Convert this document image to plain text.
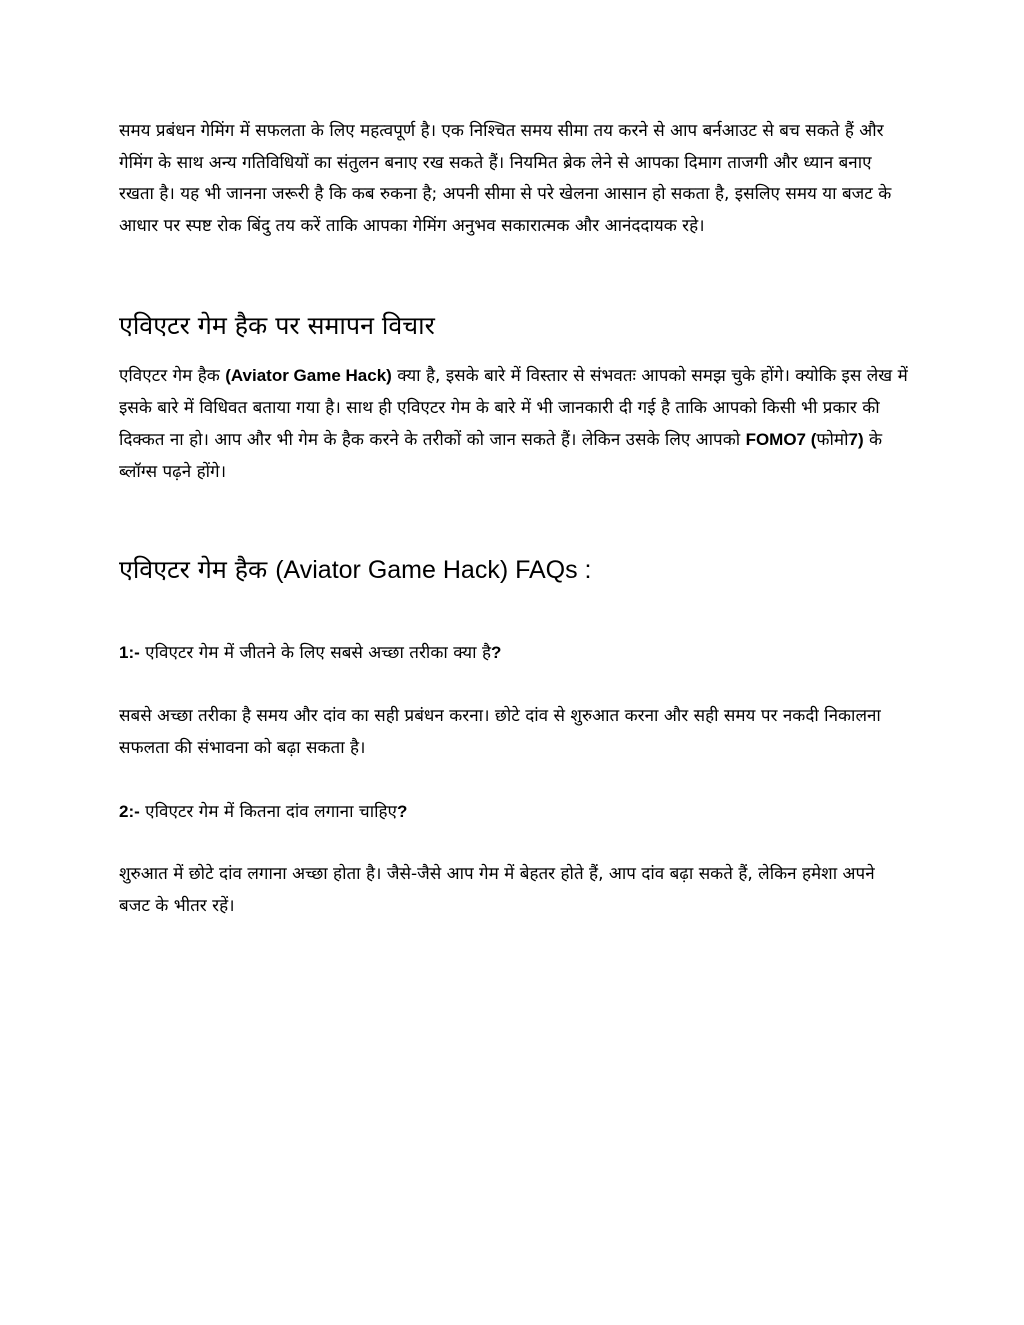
समय प्रबंधन गेमिंग में सफलता के लिए महत्वपूर्ण है। एक निश्चित समय सीमा तय करने से आप बर्नआउट से बच सकते हैं और गेमिंग के साथ अन्य गतिविधियों का संतुलन बनाए रख सकते हैं। नियमित ब्रेक लेने से आपका दिमाग ताजगी और ध्यान बनाए रखता है। यह भी जानना जरूरी है कि कब रुकना है; अपनी सीमा से परे खेलना आसान हो सकता है, इसलिए समय या बजट के आधार पर स्पष्ट रोक बिंदु तय करें ताकि आपका गेमिंग अनुभव सकारात्मक और आनंददायक रहे।

एविएटर गेम हैक पर समापन विचार

एविएटर गेम हैक (Aviator Game Hack) क्या है, इसके बारे में विस्तार से संभवतः आपको समझ चुके होंगे। क्योकि इस लेख में इसके बारे में विधिवत बताया गया है। साथ ही एविएटर गेम के बारे में भी जानकारी दी गई है ताकि आपको किसी भी प्रकार की दिक्कत ना हो। आप और भी गेम के हैक करने के तरीकों को जान सकते हैं। लेकिन उसके लिए आपको FOMO7 (फोमो7) के ब्लॉग्स पढ़ने होंगे।

एविएटर गेम हैक (Aviator Game Hack) FAQs :

1:- एविएटर गेम में जीतने के लिए सबसे अच्छा तरीका क्या है?

सबसे अच्छा तरीका है समय और दांव का सही प्रबंधन करना। छोटे दांव से शुरुआत करना और सही समय पर नकदी निकालना सफलता की संभावना को बढ़ा सकता है।

2:- एविएटर गेम में कितना दांव लगाना चाहिए?

शुरुआत में छोटे दांव लगाना अच्छा होता है। जैसे-जैसे आप गेम में बेहतर होते हैं, आप दांव बढ़ा सकते हैं, लेकिन हमेशा अपने बजट के भीतर रहें।
